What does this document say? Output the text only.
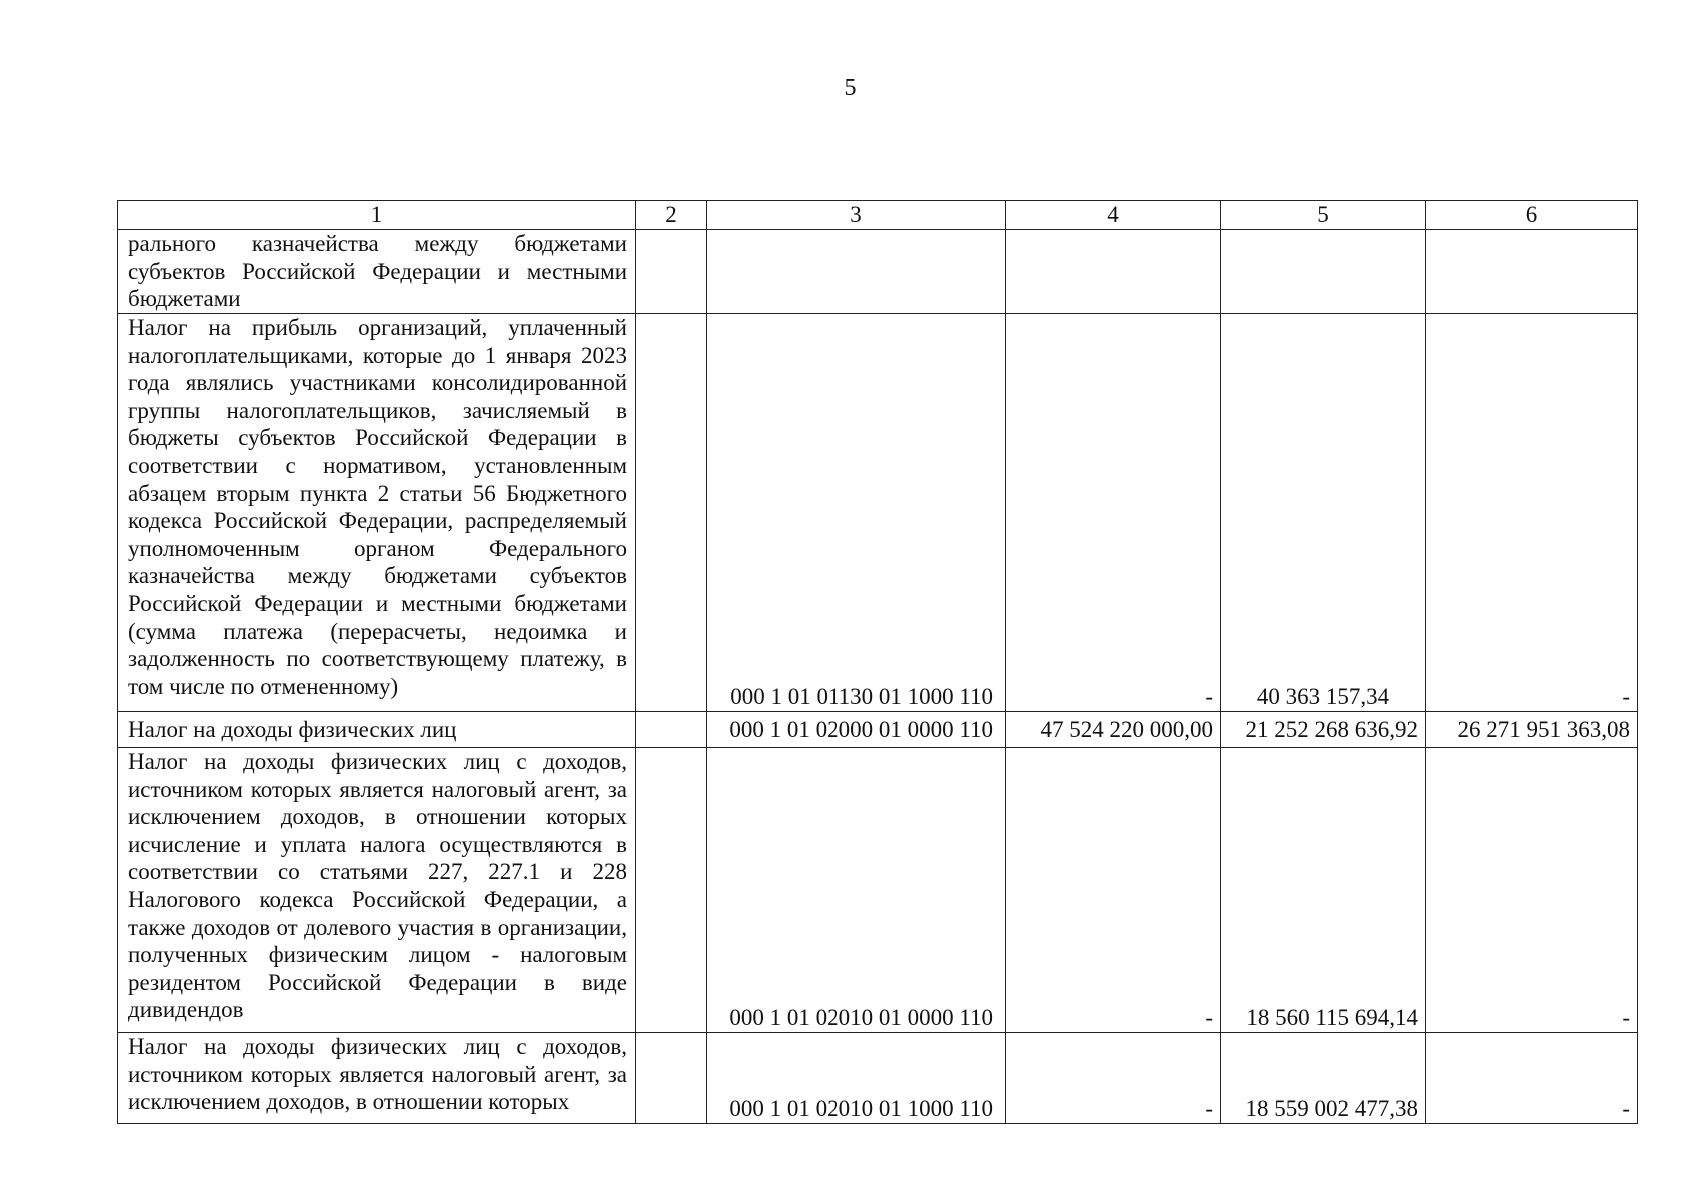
5
1	2	3	4	5	6

рального казначейства между бюджетами субъектов Российской Федерации и местными бюджетами					

Налог на прибыль организаций, уплаченный налогоплательщиками, которые до 1 января 2023 года являлись участниками консолидированной группы налогоплательщиков, зачисляемый в бюджеты субъектов Российской Федерации в соответствии с нормативом, установленным абзацем вторым пункта 2 статьи 56 Бюджетного кодекса Российской Федерации, распределяемый уполномоченным органом Федерального казначейства между бюджетами субъектов Российской Федерации и местными бюджетами (сумма платежа (перерасчеты, недоимка и задолженность по соответствующему платежу, в том числе по отмененному)		000 1 01 01130 01 1000 110	-	40 363 157,34	-

Налог на доходы физических лиц		000 1 01 02000 01 0000 110	47 524 220 000,00	21 252 268 636,92	26 271 951 363,08

Налог на доходы физических лиц с доходов, источником которых является налоговый агент, за исключением доходов, в отношении которых исчисление и уплата налога осуществляются в соответствии со статьями 227, 227.1 и 228 Налогового кодекса Российской Федерации, а также доходов от долевого участия в организации, полученных физическим лицом - налоговым резидентом Российской Федерации в виде дивидендов		000 1 01 02010 01 0000 110	-	18 560 115 694,14	-

Налог на доходы физических лиц с доходов, источником которых является налоговый агент, за исключением доходов, в отношении которых		000 1 01 02010 01 1000 110	-	18 559 002 477,38	-
